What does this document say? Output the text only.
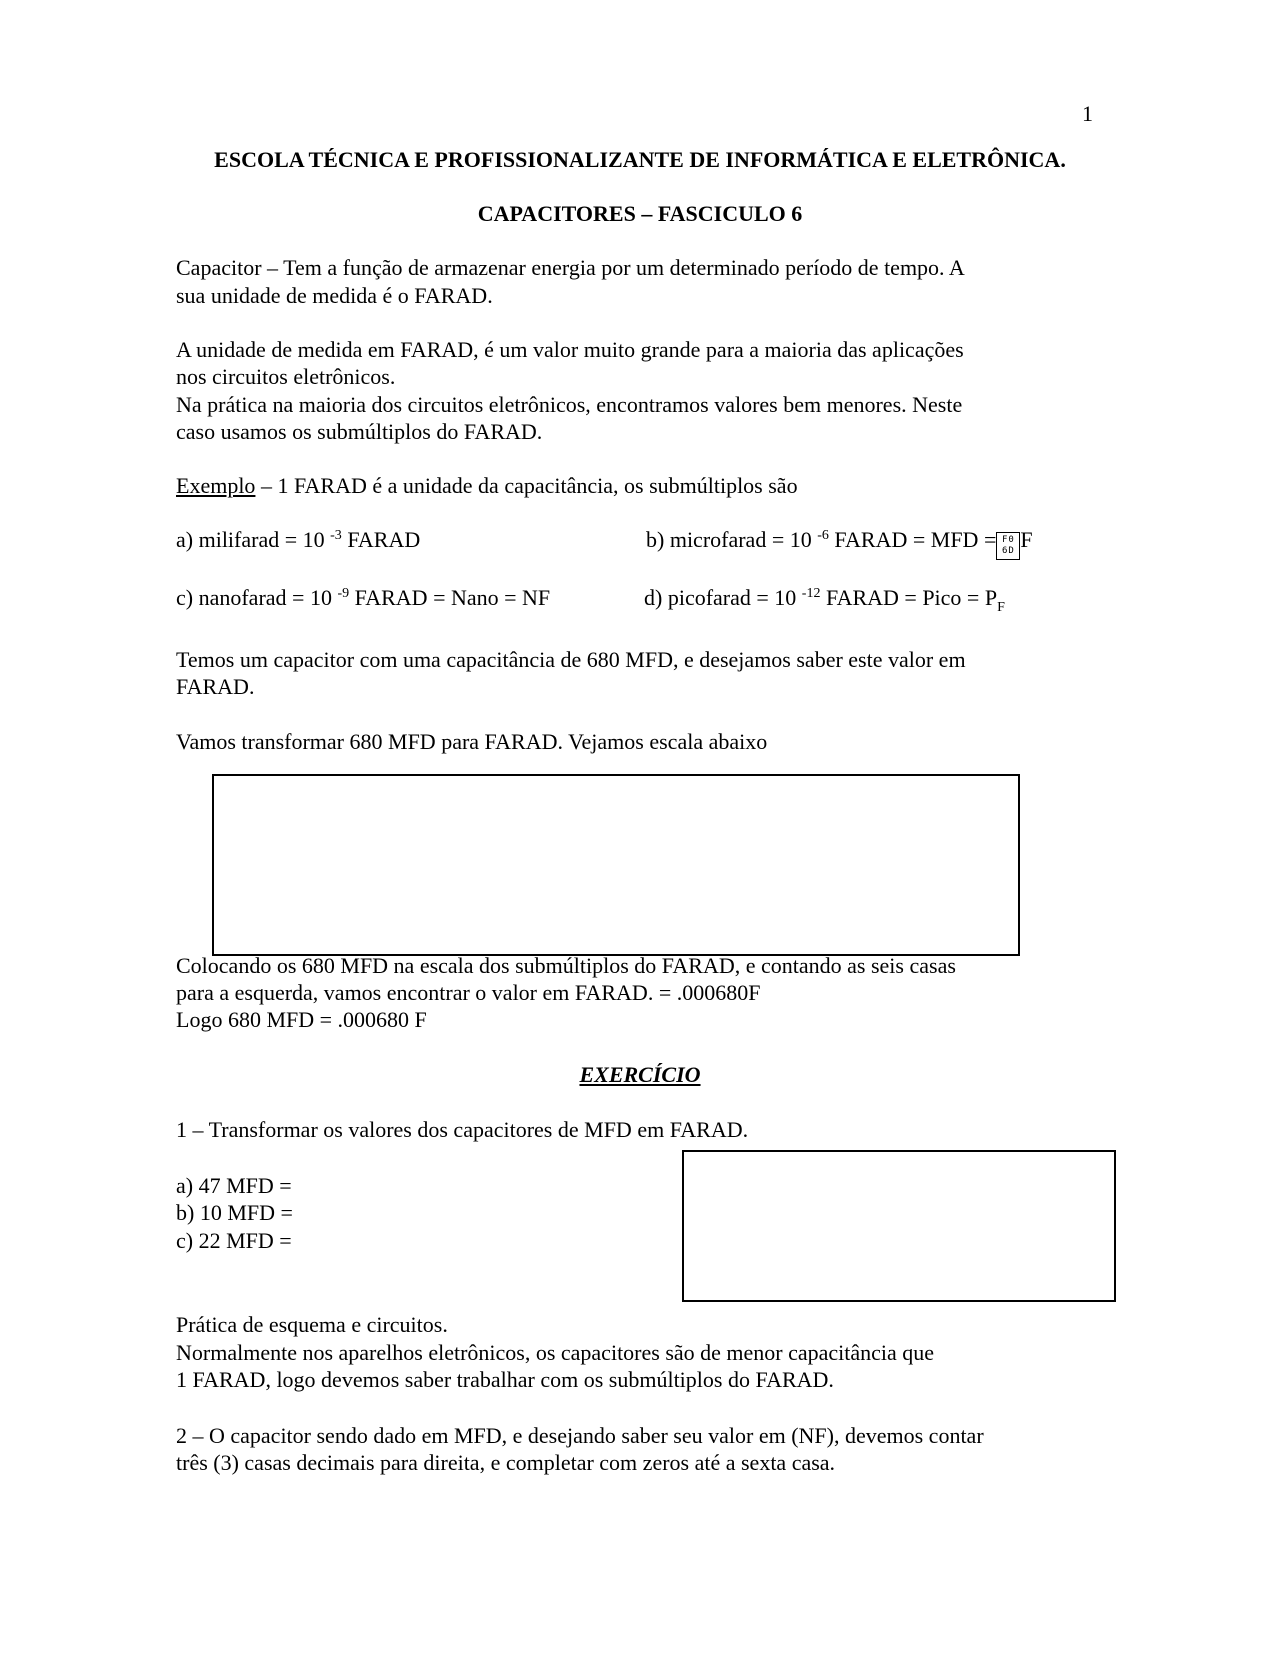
1

ESCOLA TÉCNICA E PROFISSIONALIZANTE DE INFORMÁTICA E ELETRÔNICA.

CAPACITORES – FASCICULO 6

Capacitor – Tem a função de armazenar energia por um determinado período de tempo. A

sua unidade de medida é o FARAD.

A unidade de medida em FARAD, é um valor muito grande para a maioria das aplicações

nos circuitos eletrônicos.

Na prática na maioria dos circuitos eletrônicos, encontramos valores bem menores. Neste

caso usamos os submúltiplos do FARAD.

Exemplo – 1 FARAD é a unidade da capacitância, os submúltiplos são

a) milifarad = 10 $^{-3}$ FARAD	b) microfarad = 10 $^{-6}$ FARAD = MFD = F0
6D F

c) nanofarad = 10 $^{-9}$ FARAD = Nano = NF	d) picofarad = 10 $^{-12}$ FARAD = Pico = $P_F$

Temos um capacitor com uma capacitância de 680 MFD, e desejamos saber este valor em

FARAD.

Vamos transformar 680 MFD para FARAD. Vejamos escala abaixo

Colocando os 680 MFD na escala dos submúltiplos do FARAD, e contando as seis casas

para a esquerda, vamos encontrar o valor em FARAD. = .000680F

Logo 680 MFD = .000680 F

EXERCÍCIO

1 – Transformar os valores dos capacitores de MFD em FARAD.

a) 47 MFD =

b) 10 MFD =

c) 22 MFD =

Prática de esquema e circuitos.

Normalmente nos aparelhos eletrônicos, os capacitores são de menor capacitância que

1 FARAD, logo devemos saber trabalhar com os submúltiplos do FARAD.

2 – O capacitor sendo dado em MFD, e desejando saber seu valor em (NF), devemos contar

três (3) casas decimais para direita, e completar com zeros até a sexta casa.
